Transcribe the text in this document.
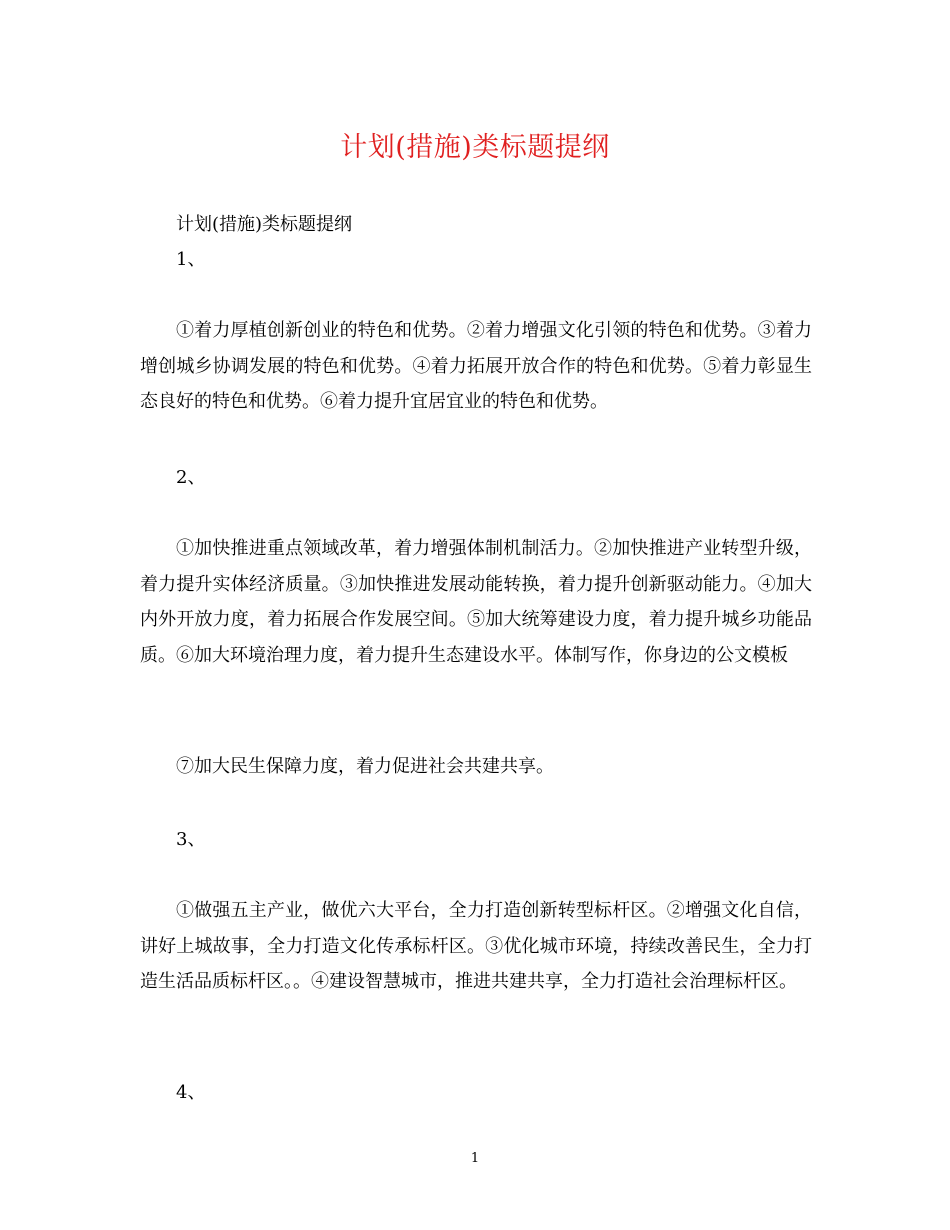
计划(措施)类标题提纲

计划(措施)类标题提纲

1、

①着力厚植创新创业的特色和优势。②着力增强文化引领的特色和优势。③着力增创城乡协调发展的特色和优势。④着力拓展开放合作的特色和优势。⑤着力彰显生态良好的特色和优势。⑥着力提升宜居宜业的特色和优势。

2、

①加快推进重点领域改革，着力增强体制机制活力。②加快推进产业转型升级，着力提升实体经济质量。③加快推进发展动能转换，着力提升创新驱动能力。④加大内外开放力度，着力拓展合作发展空间。⑤加大统筹建设力度，着力提升城乡功能品质。⑥加大环境治理力度，着力提升生态建设水平。体制写作，你身边的公文模板

⑦加大民生保障力度，着力促进社会共建共享。

3、

①做强五主产业，做优六大平台，全力打造创新转型标杆区。②增强文化自信，讲好上城故事，全力打造文化传承标杆区。③优化城市环境，持续改善民生，全力打造生活品质标杆区。。④建设智慧城市，推进共建共享，全力打造社会治理标杆区。

4、

1
